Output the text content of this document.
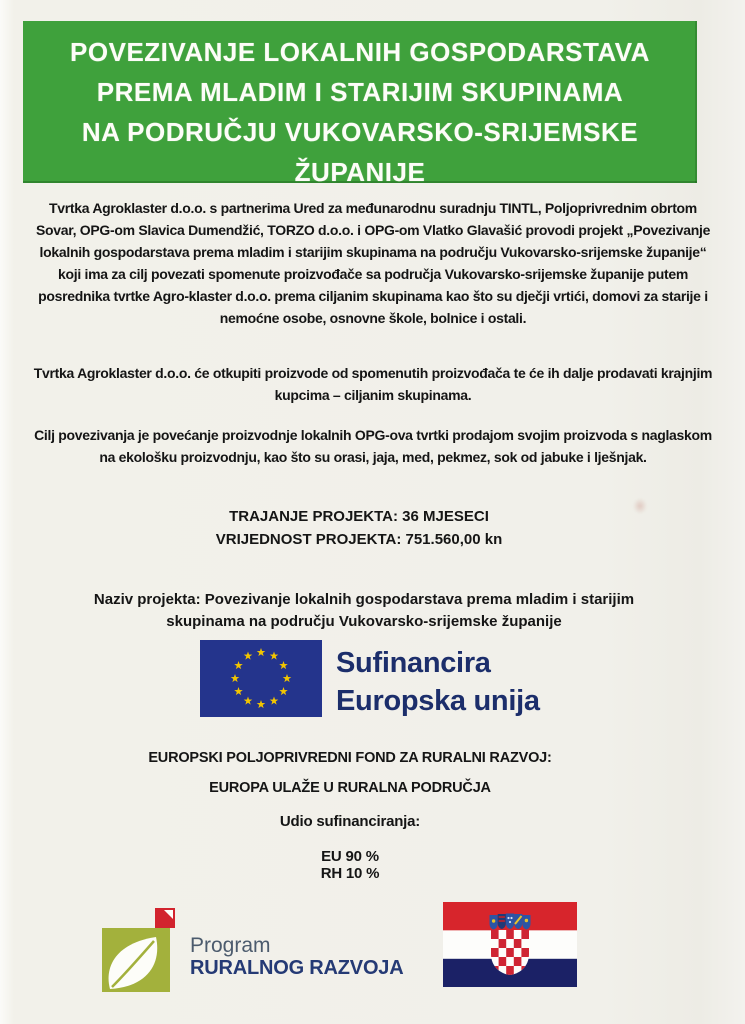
POVEZIVANJE LOKALNIH GOSPODARSTAVA
PREMA MLADIM I STARIJIM SKUPINAMA
NA PODRUČJU VUKOVARSKO-SRIJEMSKE
ŽUPANIJE

Tvrtka Agroklaster d.o.o. s partnerima Ured za međunarodnu suradnju TINTL, Poljoprivrednim obrtom Sovar, OPG-om Slavica Dumendžić, TORZO d.o.o. i OPG-om Vlatko Glavašić provodi projekt „Povezivanje lokalnih gospodarstava prema mladim i starijim skupinama na području Vukovarsko-srijemske županije“ koji ima za cilj povezati spomenute proizvođače sa područja Vukovarsko-srijemske županije putem posrednika tvrtke Agro-klaster d.o.o. prema ciljanim skupinama kao što su dječji vrtići, domovi za starije i nemoćne osobe, osnovne škole, bolnice i ostali.

Tvrtka Agroklaster d.o.o. će otkupiti proizvode od spomenutih proizvođača te će ih dalje prodavati krajnjim kupcima – ciljanim skupinama.

Cilj povezivanja je povećanje proizvodnje lokalnih OPG-ova tvrtki prodajom svojim proizvoda s naglaskom na ekološku proizvodnju, kao što su orasi, jaja, med, pekmez, sok od jabuke i lješnjak.

TRAJANJE PROJEKTA: 36 MJESECI
VRIJEDNOST PROJEKTA: 751.560,00 kn
Naziv projekta: Povezivanje lokalnih gospodarstava prema mladim i starijim skupinama na području Vukovarsko-srijemske županije
Sufinancira
Europska unija
EUROPSKI POLJOPRIVREDNI FOND ZA RURALNI RAZVOJ:
EUROPA ULAŽE U RURALNA PODRUČJA
Udio sufinanciranja:
EU 90 %
RH 10 %
Program
RURALNOG RAZVOJA
